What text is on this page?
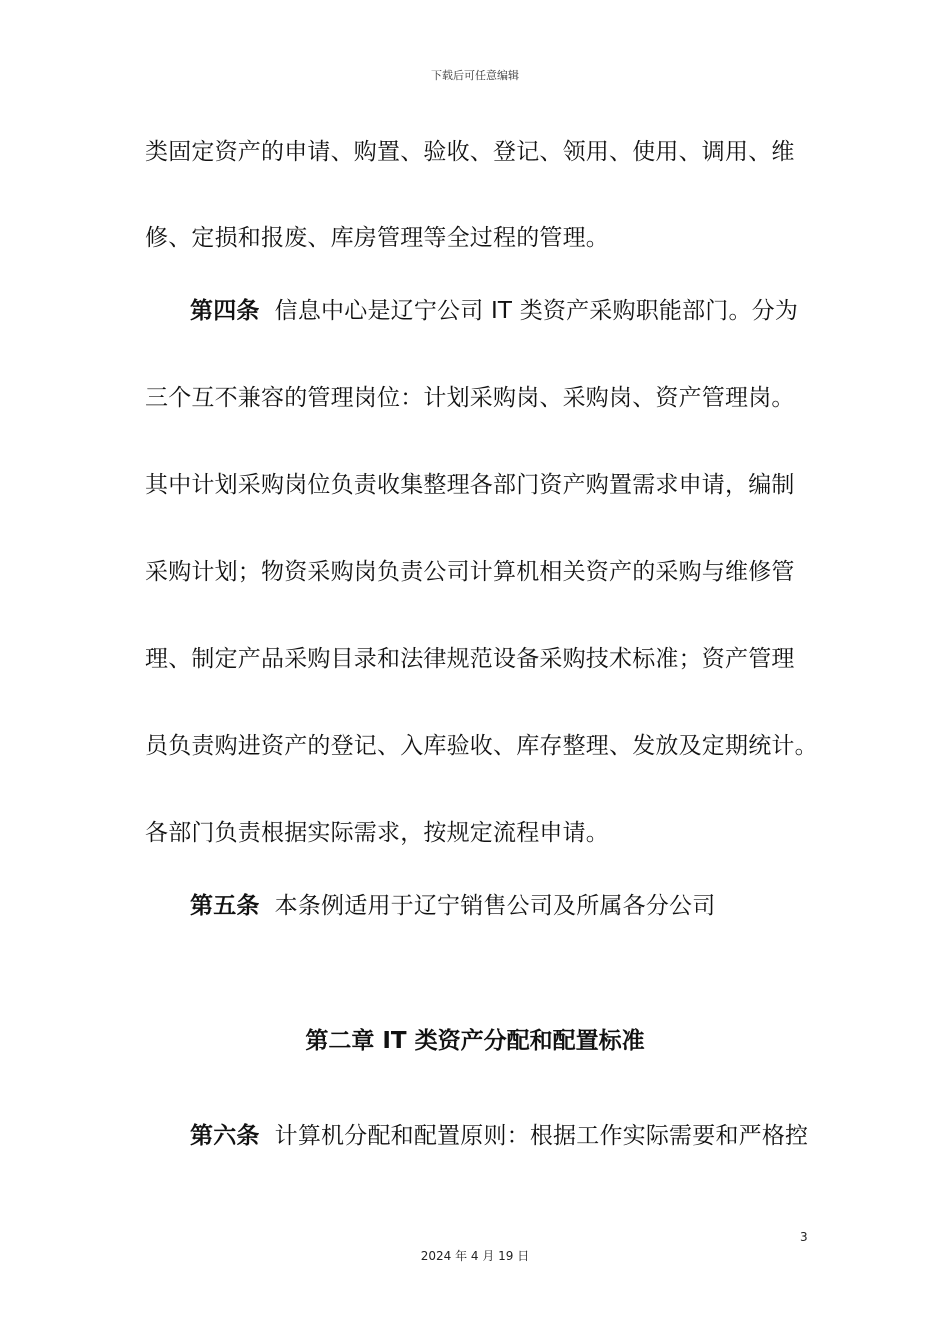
下载后可任意编辑
类固定资产的申请、购置、验收、登记、领用、使用、调用、维
修、定损和报废、库房管理等全过程的管理。
第四条 信息中心是辽宁公司 IT 类资产采购职能部门。分为
三个互不兼容的管理岗位：计划采购岗、采购岗、资产管理岗。
其中计划采购岗位负责收集整理各部门资产购置需求申请，编制
采购计划；物资采购岗负责公司计算机相关资产的采购与维修管
理、制定产品采购目录和法律规范设备采购技术标准；资产管理
员负责购进资产的登记、入库验收、库存整理、发放及定期统计。
各部门负责根据实际需求，按规定流程申请。
第五条 本条例适用于辽宁销售公司及所属各分公司
第二章 IT 类资产分配和配置标准
第六条 计算机分配和配置原则：根据工作实际需要和严格控
3
2024 年 4 月 19 日
